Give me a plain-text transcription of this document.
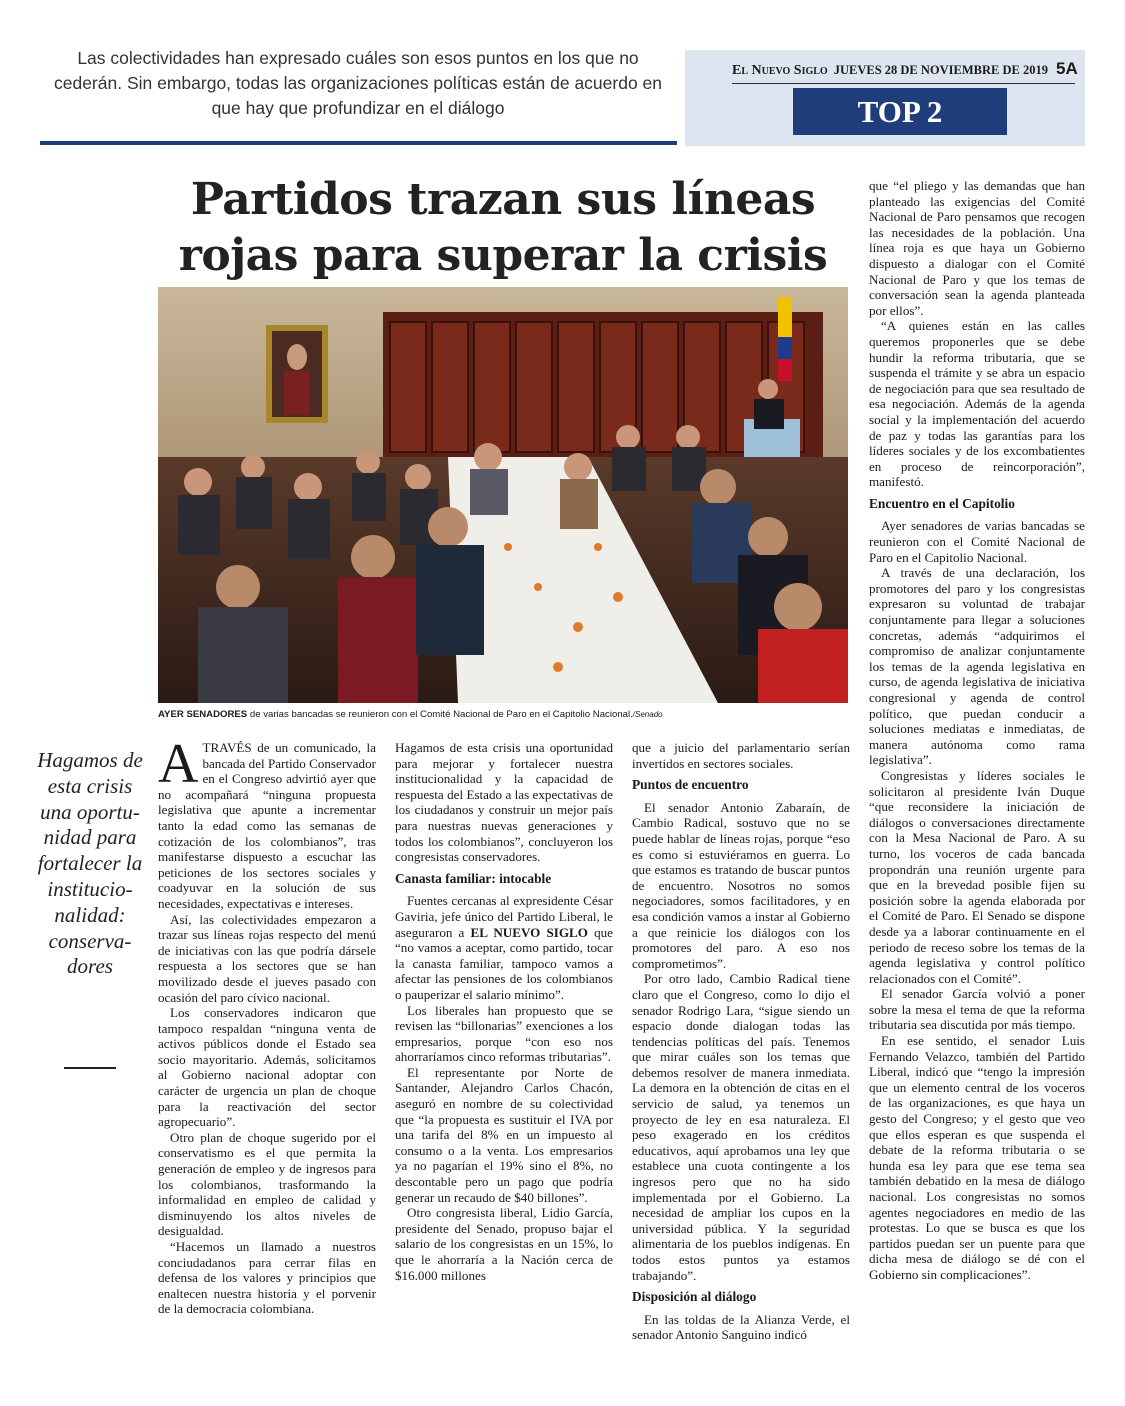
Las colectividades han expresado cuáles son esos puntos en los que no cederán. Sin embargo, todas las organizaciones políticas están de acuerdo en que hay que profundizar en el diálogo
El Nuevo Siglo JUEVES 28 DE NOVIEMBRE DE 2019 5A
TOP 2
Partidos trazan sus líneas rojas para superar la crisis
AYER SENADORES de varias bancadas se reunieron con el Comité Nacional de Paro en el Capitolio Nacional./Senado
Hagamos de esta crisis una oportu- nidad para fortalecer la institucio- nalidad: conserva- dores

ATRAVÉS de un comunicado, la bancada del Partido Conservador en el Congreso advirtió ayer que no acompañará “ninguna propuesta legislativa que apunte a incrementar tanto la edad como las semanas de cotización de los colombianos”, tras manifestarse dispuesto a escuchar las peticiones de los sectores sociales y coadyuvar en la solución de sus necesidades, expectativas e intereses.

Así, las colectividades empezaron a trazar sus líneas rojas respecto del menú de iniciativas con las que podría dársele respuesta a los sectores que se han movilizado desde el jueves pasado con ocasión del paro cívico nacional.

Los conservadores indicaron que tampoco respaldan “ninguna venta de activos públicos donde el Estado sea socio mayoritario. Además, solicitamos al Gobierno nacional adoptar con carácter de urgencia un plan de choque para la reactivación del sector agropecuario”.

Otro plan de choque sugerido por el conservatismo es el que permita la generación de empleo y de ingresos para los colombianos, trasformando la informalidad en empleo de calidad y disminuyendo los altos niveles de desigualdad.

“Hacemos un llamado a nuestros conciudadanos para cerrar filas en defensa de los valores y principios que enaltecen nuestra historia y el porvenir de la democracia colombiana.

Hagamos de esta crisis una oportunidad para mejorar y fortalecer nuestra institucionalidad y la capacidad de respuesta del Estado a las expectativas de los ciudadanos y construir un mejor país para nuestras nuevas generaciones y todos los colombianos”, concluyeron los congresistas conservadores.

Canasta familiar: intocable

Fuentes cercanas al expresidente César Gaviria, jefe único del Partido Liberal, le aseguraron a EL NUEVO SIGLO que “no vamos a aceptar, como partido, tocar la canasta familiar, tampoco vamos a afectar las pensiones de los colombianos o pauperizar el salario mínimo”.

Los liberales han propuesto que se revisen las “billonarias” exenciones a los empresarios, porque “con eso nos ahorraríamos cinco reformas tributarias”.

El representante por Norte de Santander, Alejandro Carlos Chacón, aseguró en nombre de su colectividad que “la propuesta es sustituir el IVA por una tarifa del 8% en un impuesto al consumo o a la venta. Los empresarios ya no pagarían el 19% sino el 8%, no descontable pero un pago que podría generar un recaudo de $40 billones”.

Otro congresista liberal, Lidio García, presidente del Senado, propuso bajar el salario de los congresistas en un 15%, lo que le ahorraría a la Nación cerca de $16.000 millones

que a juicio del parlamentario serían invertidos en sectores sociales.

Puntos de encuentro

El senador Antonio Zabaraín, de Cambio Radical, sostuvo que no se puede hablar de líneas rojas, porque “eso es como si estuviéramos en guerra. Lo que estamos es tratando de buscar puntos de encuentro. Nosotros no somos negociadores, somos facilitadores, y en esa condición vamos a instar al Gobierno a que reinicie los diálogos con los promotores del paro. A eso nos comprometimos”.

Por otro lado, Cambio Radical tiene claro que el Congreso, como lo dijo el senador Rodrigo Lara, “sigue siendo un espacio donde dialogan todas las tendencias políticas del país. Tenemos que mirar cuáles son los temas que debemos resolver de manera inmediata. La demora en la obtención de citas en el servicio de salud, ya tenemos un proyecto de ley en esa naturaleza. El peso exagerado en los créditos educativos, aquí aprobamos una ley que establece una cuota contingente a los ingresos pero que no ha sido implementada por el Gobierno. La necesidad de ampliar los cupos en la universidad pública. Y la seguridad alimentaria de los pueblos indígenas. En todos estos puntos ya estamos trabajando”.

Disposición al diálogo

En las toldas de la Alianza Verde, el senador Antonio Sanguino indicó

que “el pliego y las demandas que han planteado las exigencias del Comité Nacional de Paro pensamos que recogen las necesidades de la población. Una línea roja es que haya un Gobierno dispuesto a dialogar con el Comité Nacional de Paro y que los temas de conversación sean la agenda planteada por ellos”.

“A quienes están en las calles queremos proponerles que se debe hundir la reforma tributaria, que se suspenda el trámite y se abra un espacio de negociación para que sea resultado de esa negociación. Además de la agenda social y la implementación del acuerdo de paz y todas las garantías para los líderes sociales y de los excombatientes en proceso de reincorporación”, manifestó.

Encuentro en el Capitolio

Ayer senadores de varias bancadas se reunieron con el Comité Nacional de Paro en el Capitolio Nacional.

A través de una declaración, los promotores del paro y los congresistas expresaron su voluntad de trabajar conjuntamente para llegar a soluciones concretas, además “adquirimos el compromiso de analizar conjuntamente los temas de la agenda legislativa en curso, de agenda legislativa de iniciativa congresional y agenda de control político, que puedan conducir a soluciones mediatas e inmediatas, de manera autónoma como rama legislativa”.

Congresistas y líderes sociales le solicitaron al presidente Iván Duque “que reconsidere la iniciación de diálogos o conversaciones directamente con la Mesa Nacional de Paro. A su turno, los voceros de cada bancada propondrán una reunión urgente para que en la brevedad posible fijen su posición sobre la agenda elaborada por el Comité de Paro. El Senado se dispone desde ya a laborar continuamente en el periodo de receso sobre los temas de la agenda legislativa y control político relacionados con el Comité”.

El senador García volvió a poner sobre la mesa el tema de que la reforma tributaria sea discutida por más tiempo.

En ese sentido, el senador Luis Fernando Velazco, también del Partido Liberal, indicó que “tengo la impresión que un elemento central de los voceros de las organizaciones, es que haya un gesto del Congreso; y el gesto que veo que ellos esperan es que suspenda el debate de la reforma tributaria o se hunda esa ley para que ese tema sea también debatido en la mesa de diálogo nacional. Los congresistas no somos agentes negociadores en medio de las protestas. Lo que se busca es que los partidos puedan ser un puente para que dicha mesa de diálogo se dé con el Gobierno sin complicaciones”.
